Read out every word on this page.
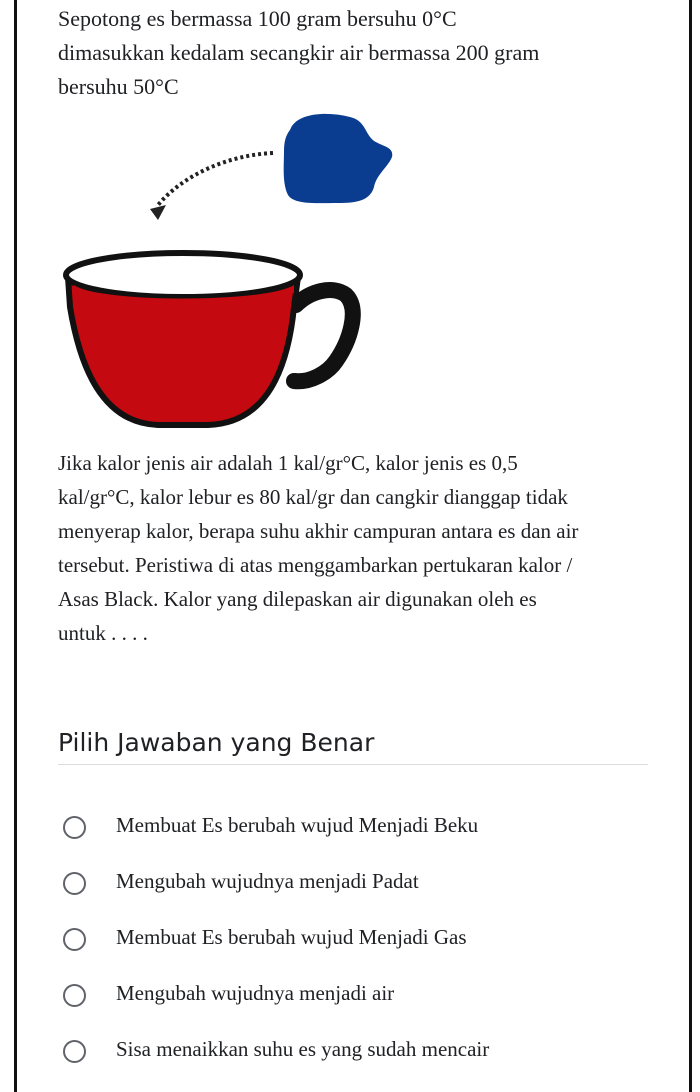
Sepotong es bermassa 100 gram bersuhu 0°C

dimasukkan kedalam secangkir air bermassa 200 gram

bersuhu 50°C

Jika kalor jenis air adalah 1 kal/gr°C, kalor jenis es 0,5

kal/gr°C, kalor lebur es 80 kal/gr dan cangkir dianggap tidak

menyerap kalor, berapa suhu akhir campuran antara es dan air

tersebut. Peristiwa di atas menggambarkan pertukaran kalor /

Asas Black. Kalor yang dilepaskan air digunakan oleh es

untuk . . . .

Pilih Jawaban yang Benar
Membuat Es berubah wujud Menjadi Beku
Mengubah wujudnya menjadi Padat
Membuat Es berubah wujud Menjadi Gas
Mengubah wujudnya menjadi air
Sisa menaikkan suhu es yang sudah mencair
